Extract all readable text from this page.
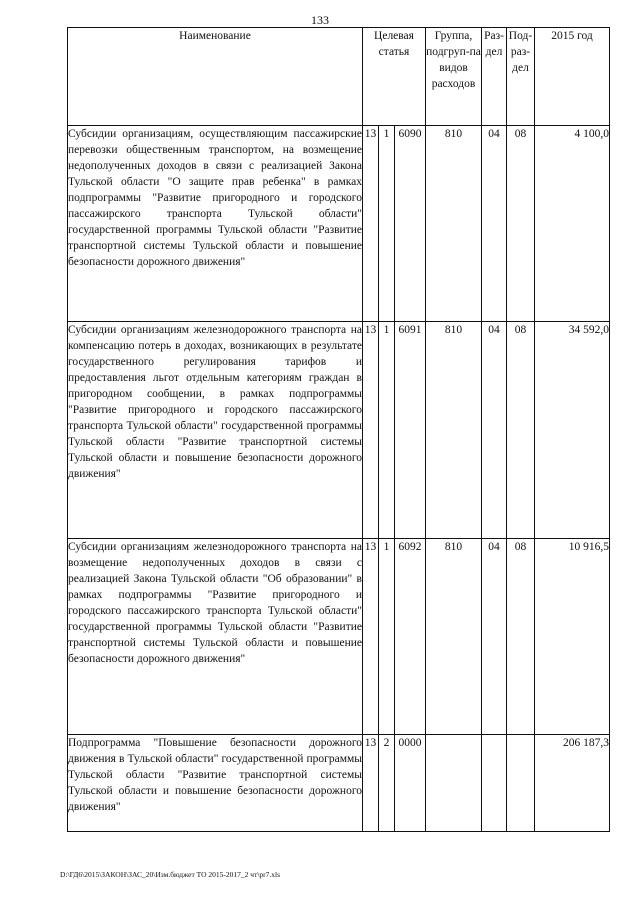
133
Наименование	Целевая статья			Группа, подгруп-па видов расходов	Раз-дел	Под-раз-дел	2015 год
Субсидии организациям, осуществляющим пассажирские перевозки общественным транспортом, на возмещение недополученных доходов в связи с реализацией Закона Тульской области "О защите прав ребенка" в рамках подпрограммы "Развитие пригородного и городского пассажирского транспорта Тульской области" государственной программы Тульской области "Развитие транспортной системы Тульской области и повышение безопасности дорожного движения"	13	1	6090	810	04	08	4 100,0
Субсидии организациям железнодорожного транспорта на компенсацию потерь в доходах, возникающих в результате государственного регулирования тарифов и предоставления льгот отдельным категориям граждан в пригородном сообщении, в рамках подпрограммы "Развитие пригородного и городского пассажирского транспорта Тульской области" государственной программы Тульской области "Развитие транспортной системы Тульской области и повышение безопасности дорожного движения"	13	1	6091	810	04	08	34 592,0
Субсидии организациям железнодорожного транспорта на возмещение недополученных доходов в связи с реализацией Закона Тульской области "Об образовании" в рамках подпрограммы "Развитие пригородного и городского пассажирского транспорта Тульской области" государственной программы Тульской области "Развитие транспортной системы Тульской области и повышение безопасности дорожного движения"	13	1	6092	810	04	08	10 916,5
Подпрограмма "Повышение безопасности дорожного движения в Тульской области" государственной программы Тульской области "Развитие транспортной системы Тульской области и повышение безопасности дорожного движения"	13	2	0000				206 187,3
D:\ГД6\2015\ЗАКОН\ЗАС_20\Изм.бюджет ТО 2015-2017_2 чт\pr7.xls
